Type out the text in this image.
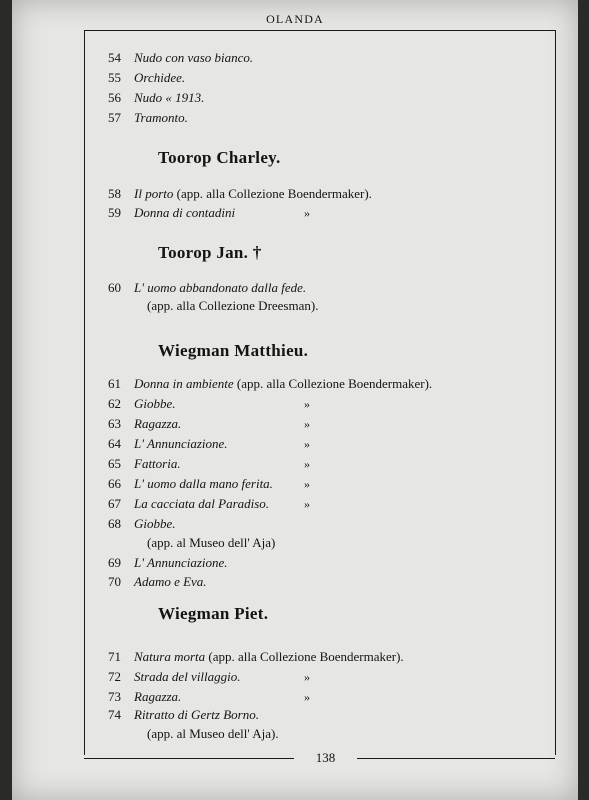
OLANDA
138
54 Nudo con vaso bianco.
55 Orchidee.
56 Nudo « 1913.
57 Tramonto.
Toorop Charley.
58 Il porto (app. alla Collezione Boendermaker).
59 Donna di contadini	»
Toorop Jan. †
60 L' uomo abbandonato dalla fede.
(app. alla Collezione Dreesman).
Wiegman Matthieu.
61 Donna in ambiente (app. alla Collezione Boendermaker).
62 Giobbe.	»
63 Ragazza.	»
64 L' Annunciazione.	»
65 Fattoria.	»
66 L' uomo dalla mano ferita.	»
67 La cacciata dal Paradiso.	»
68 Giobbe.
(app. al Museo dell' Aja)
69 L' Annunciazione.
70 Adamo e Eva.
Wiegman Piet.
71 Natura morta (app. alla Collezione Boendermaker).
72 Strada del villaggio.	»
73 Ragazza.	»
74 Ritratto di Gertz Borno.
(app. al Museo dell' Aja).
